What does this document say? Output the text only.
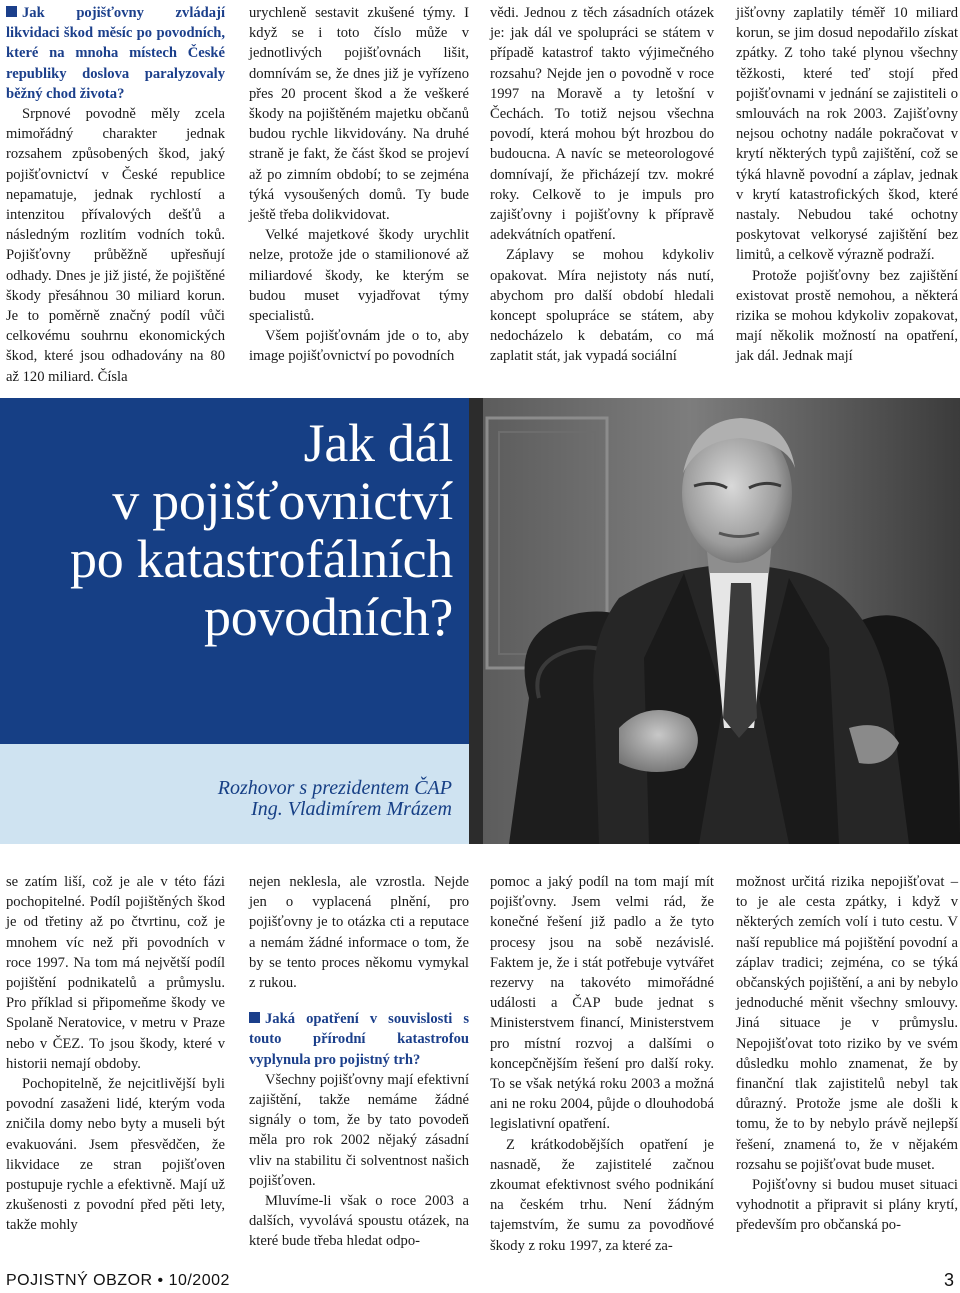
Jak pojišťovny zvládají likvidaci škod měsíc po povodních, které na mnoha místech České republiky doslova paralyzovaly běžný chod života?

Srpnové povodně měly zcela mimořádný charakter jednak rozsahem způsobených škod, jaký pojišťovnictví v České republice nepamatuje, jednak rychlostí a intenzitou přívalových dešťů a následným rozlitím vodních toků. Pojišťovny průběžně upřesňují odhady. Dnes je již jisté, že pojištěné škody přesáhnou 30 miliard korun. Je to poměrně značný podíl vůči celkovému souhrnu ekonomických škod, které jsou odhadovány na 80 až 120 miliard. Čísla

urychleně sestavit zkušené týmy. I když se i toto číslo může v jednotlivých pojišťovnách lišit, domnívám se, že dnes již je vyřízeno přes 20 procent škod a že veškeré škody na pojištěném majetku občanů budou rychle likvidovány. Na druhé straně je fakt, že část škod se projeví až po zimním období; to se zejména týká vysoušených domů. Ty bude ještě třeba dolikvidovat.

Velké majetkové škody urychlit nelze, protože jde o stamilionové až miliardové škody, ke kterým se budou muset vyjadřovat týmy specialistů.

Všem pojišťovnám jde o to, aby image pojišťovnictví po povodních

vědi. Jednou z těch zásadních otázek je: jak dál ve spolupráci se státem v případě katastrof takto výjimečného rozsahu? Nejde jen o povodně v roce 1997 na Moravě a ty letošní v Čechách. To totiž nejsou všechna povodí, která mohou být hrozbou do budoucna. A navíc se meteorologové domnívají, že přicházejí tzv. mokré roky. Celkově to je impuls pro zajišťovny i pojišťovny k přípravě adekvátních opatření.

Záplavy se mohou kdykoliv opakovat. Míra nejistoty nás nutí, abychom pro další období hledali koncept spolupráce se státem, aby nedocházelo k debatám, co má zaplatit stát, jak vypadá sociální

jišťovny zaplatily téměř 10 miliard korun, se jim dosud nepodařilo získat zpátky. Z toho také plynou všechny těžkosti, které teď stojí před pojišťovnami v jednání se zajistiteli o smlouvách na rok 2003. Zajišťovny nejsou ochotny nadále pokračovat v krytí některých typů zajištění, což se týká hlavně povodní a záplav, jednak v krytí katastrofických škod, které nastaly. Nebudou také ochotny poskytovat velkorysé zajištění bez limitů, a celkově výrazně podraží.

Protože pojišťovny bez zajištění existovat prostě nemohou, a některá rizika se mohou kdykoliv zopakovat, mají několik možností na opatření, jak dál. Jednak mají

Jak dál
v pojišťovnictví
po katastrofálních
povodních?
Rozhovor s prezidentem ČAP
Ing. Vladimírem Mrázem

se zatím liší, což je ale v této fázi pochopitelné. Podíl pojištěných škod je od třetiny až po čtvrtinu, což je mnohem víc než při povodních v roce 1997. Na tom má největší podíl pojištění podnikatelů a průmyslu. Pro příklad si připomeňme škody ve Spolaně Neratovice, v metru v Praze nebo v ČEZ. To jsou škody, které v historii nemají obdoby.

Pochopitelně, že nejcitlivější byli povodní zasaženi lidé, kterým voda zničila domy nebo byty a museli být evakuováni. Jsem přesvědčen, že likvidace ze stran pojišťoven postupuje rychle a efektivně. Mají už zkušenosti z povodní před pěti lety, takže mohly

nejen neklesla, ale vzrostla. Nejde jen o vyplacená plnění, pro pojišťovny je to otázka cti a reputace a nemám žádné informace o tom, že by se tento proces někomu vymykal z rukou.

Jaká opatření v souvislosti s touto přírodní katastrofou vyplynula pro pojistný trh?

Všechny pojišťovny mají efektivní zajištění, takže nemáme žádné signály o tom, že by tato povodeň měla pro rok 2002 nějaký zásadní vliv na stabilitu či solventnost našich pojišťoven.

Mluvíme-li však o roce 2003 a dalších, vyvolává spoustu otázek, na které bude třeba hledat odpo-

pomoc a jaký podíl na tom mají mít pojišťovny. Jsem velmi rád, že konečné řešení již padlo a že tyto procesy jsou na sobě nezávislé. Faktem je, že i stát potřebuje vytvářet rezervy na takovéto mimořádné události a ČAP bude jednat s Ministerstvem financí, Ministerstvem pro místní rozvoj a dalšími o koncepčnějším řešení pro další roky. To se však netýká roku 2003 a možná ani ne roku 2004, půjde o dlouhodobá legislativní opatření.

Z krátkodobějších opatření je nasnadě, že zajistitelé začnou zkoumat efektivnost svého podnikání na českém trhu. Není žádným tajemstvím, že sumu za povodňové škody z roku 1997, za které za-

možnost určitá rizika nepojišťovat – to je ale cesta zpátky, i když v některých zemích volí i tuto cestu. V naší republice má pojištění povodní a záplav tradici; zejména, co se týká občanských pojištění, a ani by nebylo jednoduché měnit všechny smlouvy. Jiná situace je v průmyslu. Nepojišťovat toto riziko by ve svém důsledku mohlo znamenat, že by finanční tlak zajistitelů nebyl tak důrazný. Protože jsme ale došli k tomu, že to by nebylo právě nejlepší řešení, znamená to, že v nějakém rozsahu se pojišťovat bude muset.

Pojišťovny si budou muset situaci vyhodnotit a připravit si plány krytí, především pro občanská po-

POJISTNÝ OBZOR • 10/2002	3
